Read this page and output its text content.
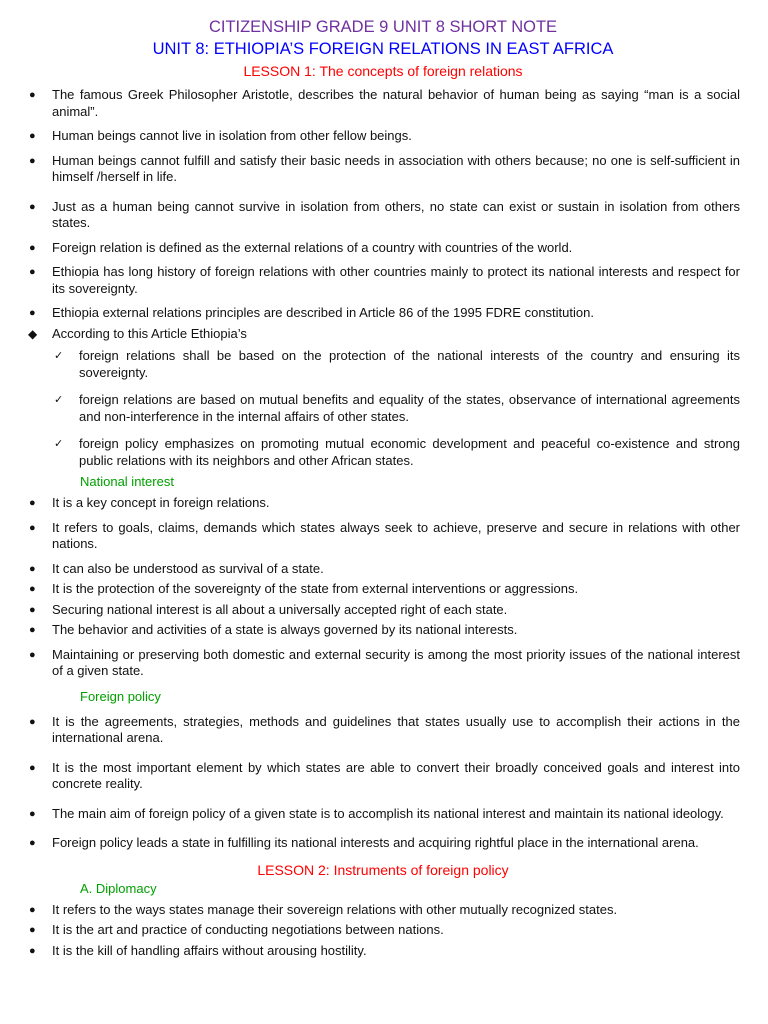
CITIZENSHIP GRADE 9 UNIT 8 SHORT NOTE
UNIT 8: ETHIOPIA’S FOREIGN RELATIONS IN EAST AFRICA
LESSON 1: The concepts of foreign relations
● The famous Greek Philosopher Aristotle, describes the natural behavior of human being as saying “man is a social animal”.
● Human beings cannot live in isolation from other fellow beings.
● Human beings cannot fulfill and satisfy their basic needs in association with others because; no one is self-sufficient in himself /herself in life.
● Just as a human being cannot survive in isolation from others, no state can exist or sustain in isolation from others states.
● Foreign relation is defined as the external relations of a country with countries of the world.
● Ethiopia has long history of foreign relations with other countries mainly to protect its national interests and respect for its sovereignty.
● Ethiopia external relations principles are described in Article 86 of the 1995 FDRE constitution.
◆ According to this Article Ethiopia’s
✓ foreign relations shall be based on the protection of the national interests of the country and ensuring its sovereignty.
✓ foreign relations are based on mutual benefits and equality of the states, observance of international agreements and non-interference in the internal affairs of other states.
✓ foreign policy emphasizes on promoting mutual economic development and peaceful co-existence and strong public relations with its neighbors and other African states.
National interest
● It is a key concept in foreign relations.
● It refers to goals, claims, demands which states always seek to achieve, preserve and secure in relations with other nations.
● It can also be understood as survival of a state.
● It is the protection of the sovereignty of the state from external interventions or aggressions.
● Securing national interest is all about a universally accepted right of each state.
● The behavior and activities of a state is always governed by its national interests.
● Maintaining or preserving both domestic and external security is among the most priority issues of the national interest of a given state.
Foreign policy
● It is the agreements, strategies, methods and guidelines that states usually use to accomplish their actions in the international arena.
● It is the most important element by which states are able to convert their broadly conceived goals and interest into concrete reality.
● The main aim of foreign policy of a given state is to accomplish its national interest and maintain its national ideology.
● Foreign policy leads a state in fulfilling its national interests and acquiring rightful place in the international arena.
LESSON 2: Instruments of foreign policy
A. Diplomacy
● It refers to the ways states manage their sovereign relations with other mutually recognized states.
● It is the art and practice of conducting negotiations between nations.
● It is the kill of handling affairs without arousing hostility.
